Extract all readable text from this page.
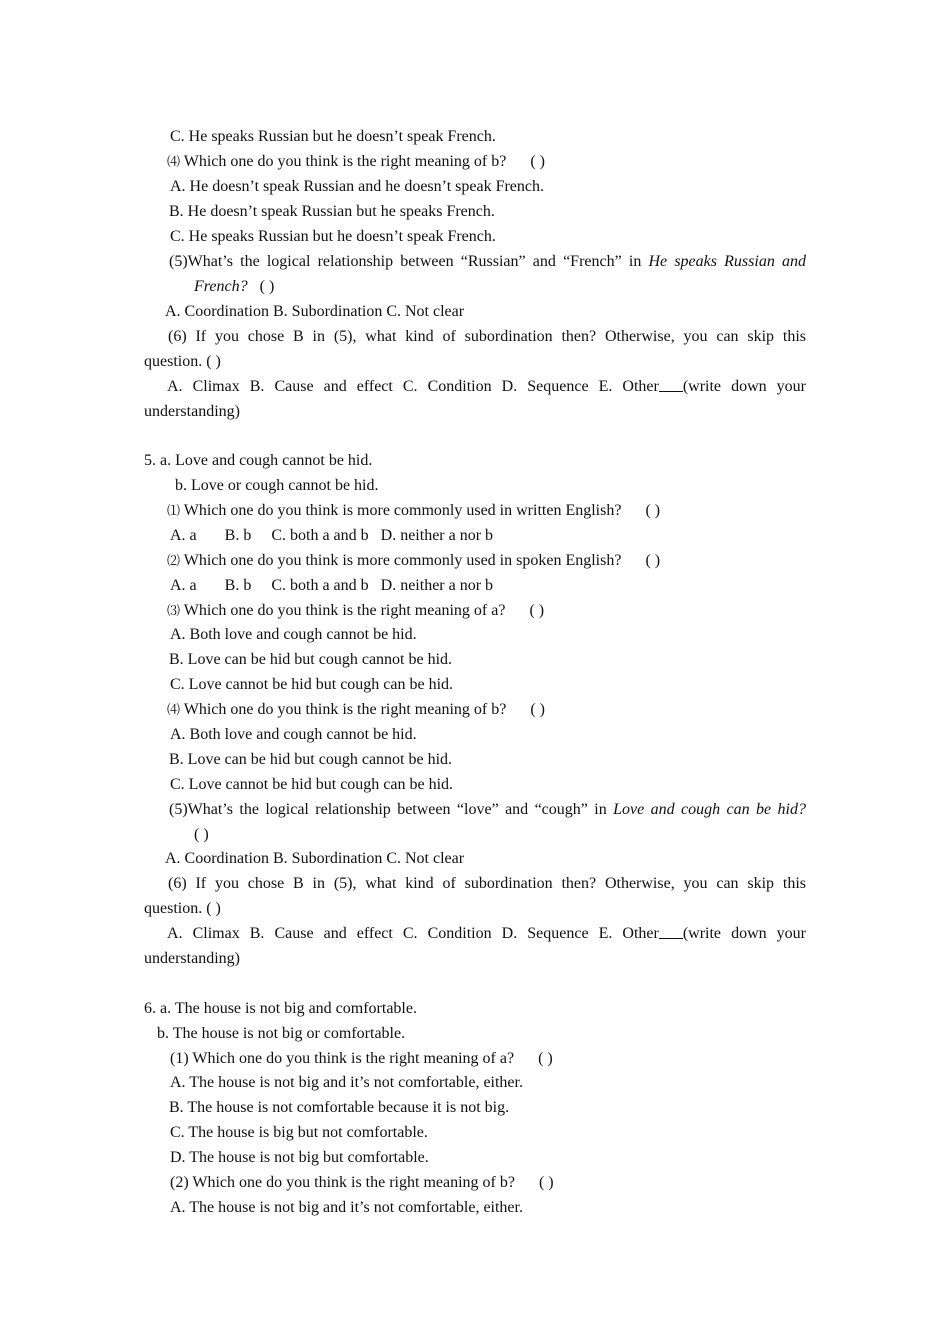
C. He speaks Russian but he doesn’t speak French.

⑷ Which one do you think is the right meaning of b? ( )

A. He doesn’t speak Russian and he doesn’t speak French.

B. He doesn’t speak Russian but he speaks French.

C. He speaks Russian but he doesn’t speak French.

(5)What’s the logical relationship between “Russian” and “French” in He speaks Russian and

French? ( )

A. Coordination B. Subordination C. Not clear

(6) If you chose B in (5), what kind of subordination then? Otherwise, you can skip this

question. ( )

A. Climax B. Cause and effect C. Condition D. Sequence E. Other (write down your

understanding)

5. a. Love and cough cannot be hid.

b. Love or cough cannot be hid.

⑴ Which one do you think is more commonly used in written English? ( )

A. a       B. b     C. both a and b   D. neither a nor b

⑵ Which one do you think is more commonly used in spoken English? ( )

A. a       B. b     C. both a and b   D. neither a nor b

⑶ Which one do you think is the right meaning of a? ( )

A. Both love and cough cannot be hid.

B. Love can be hid but cough cannot be hid.

C. Love cannot be hid but cough can be hid.

⑷ Which one do you think is the right meaning of b? ( )

A. Both love and cough cannot be hid.

B. Love can be hid but cough cannot be hid.

C. Love cannot be hid but cough can be hid.

(5)What’s the logical relationship between “love” and “cough” in Love and cough can be hid?

( )

A. Coordination B. Subordination C. Not clear

(6) If you chose B in (5), what kind of subordination then? Otherwise, you can skip this

question. ( )

A. Climax B. Cause and effect C. Condition D. Sequence E. Other (write down your

understanding)

6. a. The house is not big and comfortable.

b. The house is not big or comfortable.

(1) Which one do you think is the right meaning of a? ( )

A. The house is not big and it’s not comfortable, either.

B. The house is not comfortable because it is not big.

C. The house is big but not comfortable.

D. The house is not big but comfortable.

(2) Which one do you think is the right meaning of b? ( )

A. The house is not big and it’s not comfortable, either.
